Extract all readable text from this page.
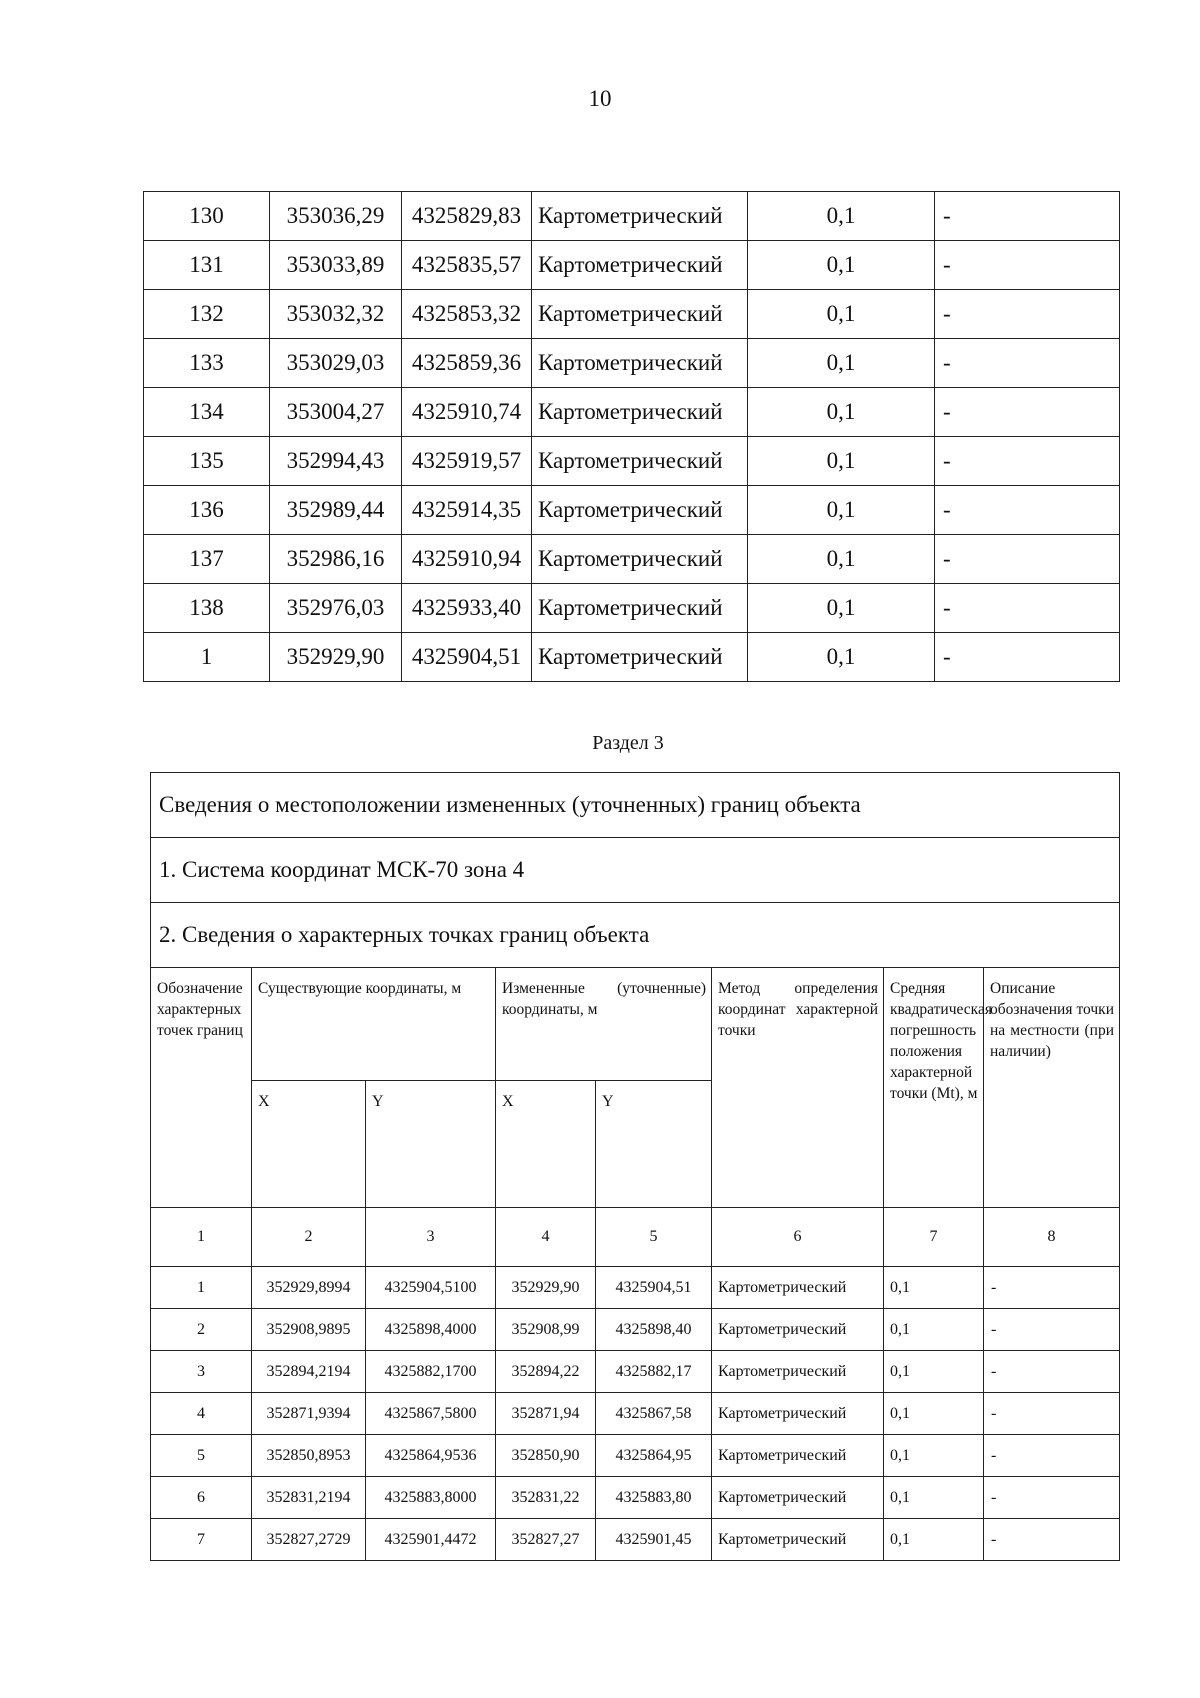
10
130	353036,29	4325829,83	Картометрический	0,1	-
131	353033,89	4325835,57	Картометрический	0,1	-
132	353032,32	4325853,32	Картометрический	0,1	-
133	353029,03	4325859,36	Картометрический	0,1	-
134	353004,27	4325910,74	Картометрический	0,1	-
135	352994,43	4325919,57	Картометрический	0,1	-
136	352989,44	4325914,35	Картометрический	0,1	-
137	352986,16	4325910,94	Картометрический	0,1	-
138	352976,03	4325933,40	Картометрический	0,1	-
1	352929,90	4325904,51	Картометрический	0,1	-
Раздел 3
Сведения о местоположении измененных (уточненных) границ объекта							
1. Система координат МСК-70 зона 4							
2. Сведения о характерных точках границ объекта							
Обозначение характерных точек границ	Существующие координаты, м		Измененные (уточненные) координаты, м		Метод определения координат характерной точки	Средняя квадратическая погрешность положения характерной точки (Mt), м	Описание обозначения точки на местности (при наличии)
	X	Y	X	Y			
1	2	3	4	5	6	7	8
1	352929,8994	4325904,5100	352929,90	4325904,51	Картометрический	0,1	-
2	352908,9895	4325898,4000	352908,99	4325898,40	Картометрический	0,1	-
3	352894,2194	4325882,1700	352894,22	4325882,17	Картометрический	0,1	-
4	352871,9394	4325867,5800	352871,94	4325867,58	Картометрический	0,1	-
5	352850,8953	4325864,9536	352850,90	4325864,95	Картометрический	0,1	-
6	352831,2194	4325883,8000	352831,22	4325883,80	Картометрический	0,1	-
7	352827,2729	4325901,4472	352827,27	4325901,45	Картометрический	0,1	-
